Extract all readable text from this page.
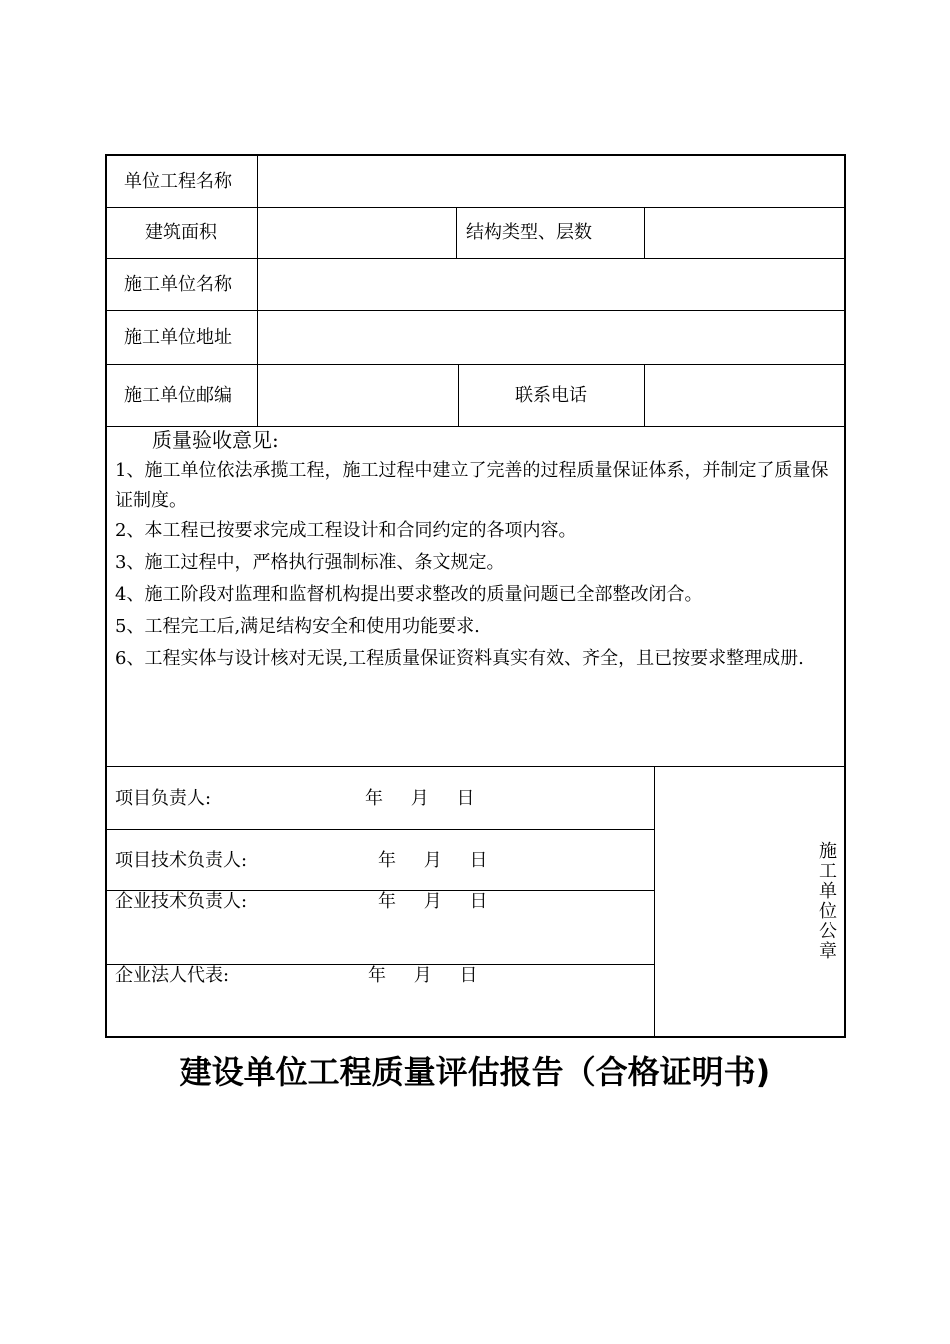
单位工程名称
建筑面积	结构类型、层数
施工单位名称
施工单位地址
施工单位邮编	联系电话
质量验收意见:
1、施工单位依法承揽工程，施工过程中建立了完善的过程质量保证体系，并制定了质量保证制度。
2、本工程已按要求完成工程设计和合同约定的各项内容。
3、施工过程中，严格执行强制标准、条文规定。
4、施工阶段对监理和监督机构提出要求整改的质量问题已全部整改闭合。
5、工程完工后,满足结构安全和使用功能要求.
6、工程实体与设计核对无误,工程质量保证资料真实有效、齐全，且已按要求整理成册.
项目负责人:	年 月 日
项目技术负责人:	年 月 日
企业技术负责人:	年 月 日
企业法人代表:	年 月 日
施工单位公章
建设单位工程质量评估报告（合格证明书)
